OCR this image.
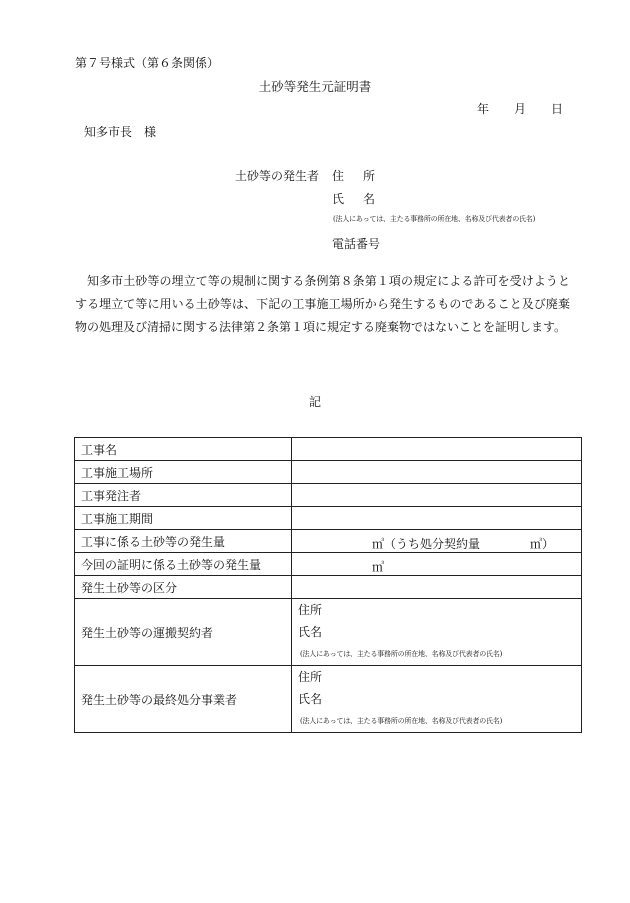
第７号様式（第６条関係）
土砂等発生元証明書
年 月 日
知多市長　様
土砂等の発生者 住所
氏名
(法人にあっては、主たる事務所の所在地、名称及び代表者の氏名)
電話番号
知多市土砂等の埋立て等の規制に関する条例第８条第１項の規定による許可を受けようとする埋立て等に用いる土砂等は、下記の工事施工場所から発生するものであること及び廃棄物の処理及び清掃に関する法律第２条第１項に規定する廃棄物ではないことを証明します。
記
工事名	
工事施工場所	
工事発注者	
工事施工期間	
工事に係る土砂等の発生量	㎥（うち処分契約量 ㎥）

今回の証明に係る土砂等の発生量	㎥

発生土砂等の区分	
発生土砂等の運搬契約者	住所
氏名
(法人にあっては、主たる事務所の所在地、名称及び代表者の氏名)

発生土砂等の最終処分事業者	住所
氏名
(法人にあっては、主たる事務所の所在地、名称及び代表者の氏名)
